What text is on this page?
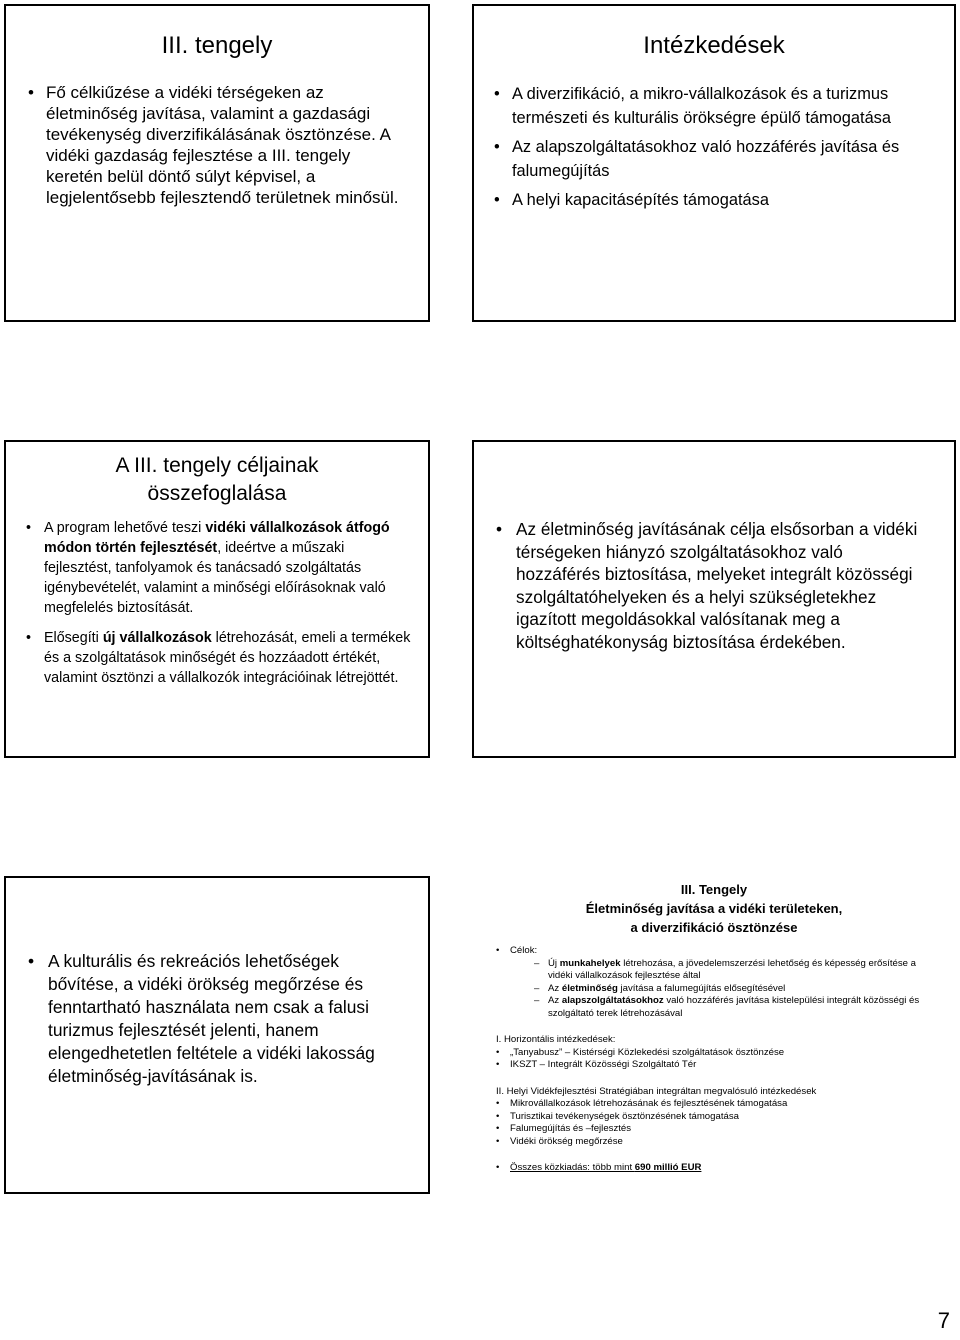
III. tengely
• Fő célkiűzése a vidéki térségeken az életminőség javítása, valamint a gazdasági tevékenység diverzifikálásának ösztönzése. A vidéki gazdaság fejlesztése a III. tengely keretén belül döntő súlyt képvisel, a legjelentősebb fejlesztendő területnek minősül.
Intézkedések
• A diverzifikáció, a mikro-vállalkozások és a turizmus természeti és kulturális örökségre épülő támogatása
• Az alapszolgáltatásokhoz való hozzáférés javítása és falumegújítás
• A helyi kapacitásépítés támogatása
A III. tengely céljainak
összefoglalása
• A program lehetővé teszi vidéki vállalkozások átfogó módon történ fejlesztését, ideértve a műszaki fejlesztést, tanfolyamok és tanácsadó szolgáltatás igénybevételét, valamint a minőségi előírásoknak való megfelelés biztosítását.
• Elősegíti új vállalkozások létrehozását, emeli a termékek és a szolgáltatások minőségét és hozzáadott értékét, valamint ösztönzi a vállalkozók integrációinak létrejöttét.
• Az életminőség javításának célja elsősorban a vidéki térségeken hiányzó szolgáltatásokhoz való hozzáférés biztosítása, melyeket integrált közösségi szolgáltatóhelyeken és a helyi szükségletekhez igazított megoldásokkal valósítanak meg a költséghatékonyság biztosítása érdekében.
• A kulturális és rekreációs lehetőségek bővítése, a vidéki örökség megőrzése és fenntartható használata nem csak a falusi turizmus fejlesztését jelenti, hanem elengedhetetlen feltétele a vidéki lakosság életminőség-javításának is.
III. Tengely
Életminőség javítása a vidéki területeken,
a diverzifikáció ösztönzése
• Célok:
– Új munkahelyek létrehozása, a jövedelemszerzési lehetőség és képesség erősítése a vidéki vállalkozások fejlesztése által
– Az életminőség javítása a falumegújítás elősegítésével
– Az alapszolgáltatásokhoz való hozzáférés javítása kistelepülési integrált közösségi és szolgáltató terek létrehozásával
I. Horizontális intézkedések:
• „Tanyabusz” – Kistérségi Közlekedési szolgáltatások ösztönzése
• IKSZT – Integrált Közösségi Szolgáltató Tér
II. Helyi Vidékfejlesztési Stratégiában integráltan megvalósuló intézkedések
• Mikrovállalkozások létrehozásának és fejlesztésének támogatása
• Turisztikai tevékenységek ösztönzésének támogatása
• Falumegújítás és –fejlesztés
• Vidéki örökség megőrzése
• Összes közkiadás: több mint 690 millió EUR
7
